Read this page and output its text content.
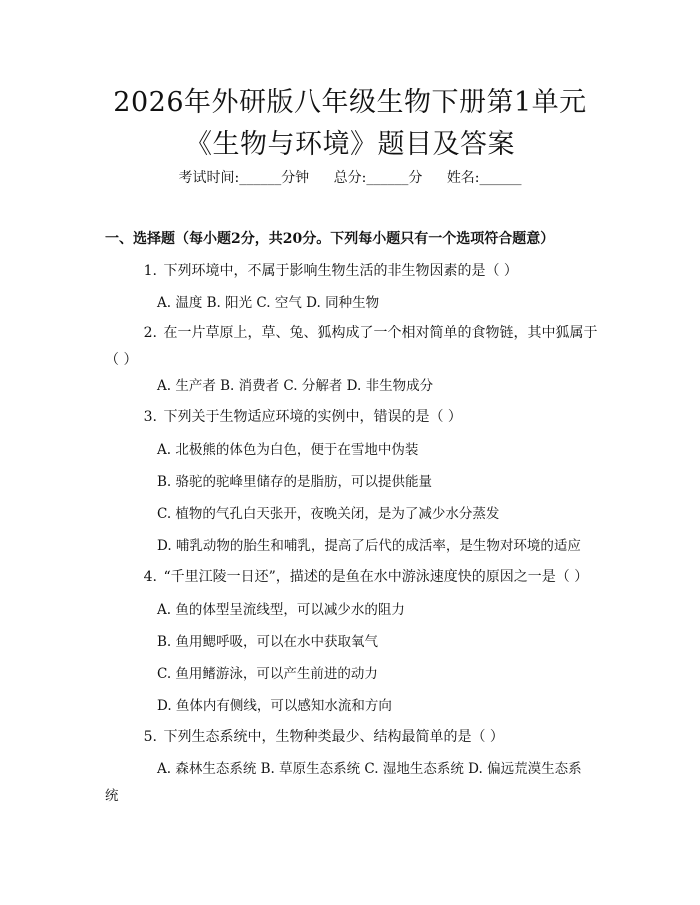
2026年外研版八年级生物下册第1单元《生物与环境》题目及答案
考试时间:______分钟 总分:______分 姓名:______
一、选择题（每小题2分，共20分。下列每小题只有一个选项符合题意）
1. 下列环境中，不属于影响生物生活的非生物因素的是（ ）
A. 温度 B. 阳光 C. 空气 D. 同种生物
2. 在一片草原上，草、兔、狐构成了一个相对简单的食物链，其中狐属于（ ）
A. 生产者 B. 消费者 C. 分解者 D. 非生物成分
3. 下列关于生物适应环境的实例中，错误的是（ ）
A. 北极熊的体色为白色，便于在雪地中伪装
B. 骆驼的驼峰里储存的是脂肪，可以提供能量
C. 植物的气孔白天张开，夜晚关闭，是为了减少水分蒸发
D. 哺乳动物的胎生和哺乳，提高了后代的成活率，是生物对环境的适应
4. “千里江陵一日还”，描述的是鱼在水中游泳速度快的原因之一是（ ）
A. 鱼的体型呈流线型，可以减少水的阻力
B. 鱼用鳃呼吸，可以在水中获取氧气
C. 鱼用鳍游泳，可以产生前进的动力
D. 鱼体内有侧线，可以感知水流和方向
5. 下列生态系统中，生物种类最少、结构最简单的是（ ）
A. 森林生态系统 B. 草原生态系统 C. 湿地生态系统 D. 偏远荒漠生态系统
